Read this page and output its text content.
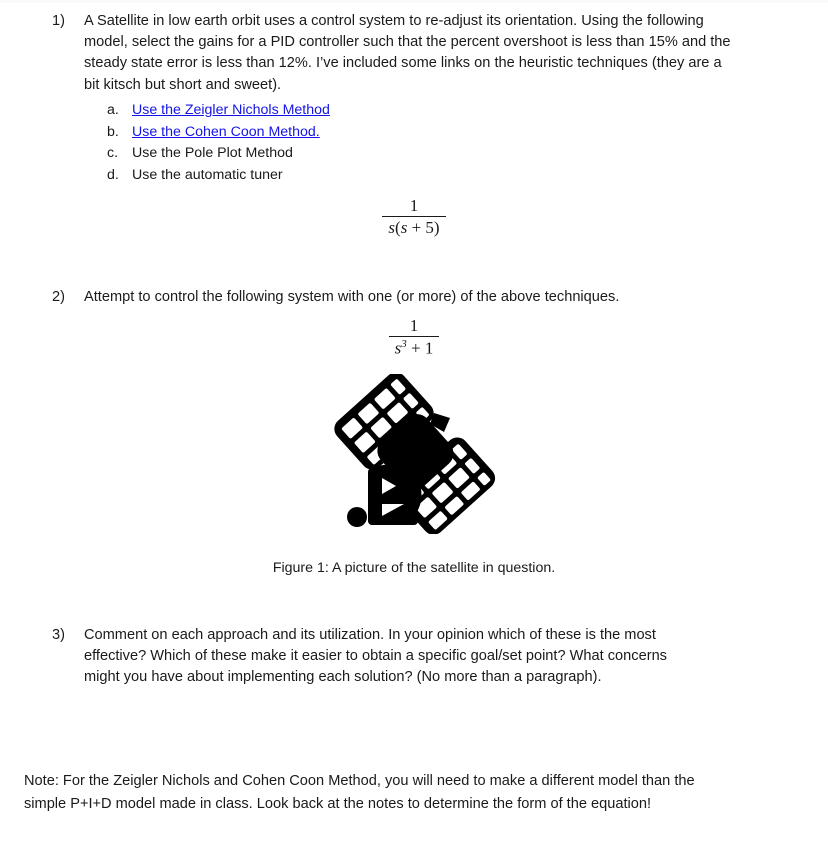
1)	A Satellite in low earth orbit uses a control system to re-adjust its orientation. Using the following model, select the gains for a PID controller such that the percent overshoot is less than 15% and the steady state error is less than 12%. I’ve included some links on the heuristic techniques (they are a bit kitsch but short and sweet).
a. Use the Zeigler Nichols Method
b. Use the Cohen Coon Method.
c. Use the Pole Plot Method
d. Use the automatic tuner
$\frac{1}{s(s + 5)}$
2)	Attempt to control the following system with one (or more) of the above techniques.
$\frac{1}{s^3 + 1}$
Figure 1: A picture of the satellite in question.
3)	Comment on each approach and its utilization. In your opinion which of these is the most effective? Which of these make it easier to obtain a specific goal/set point? What concerns might you have about implementing each solution? (No more than a paragraph).
Note: For the Zeigler Nichols and Cohen Coon Method, you will need to make a different model than the simple P+I+D model made in class. Look back at the notes to determine the form of the equation!
